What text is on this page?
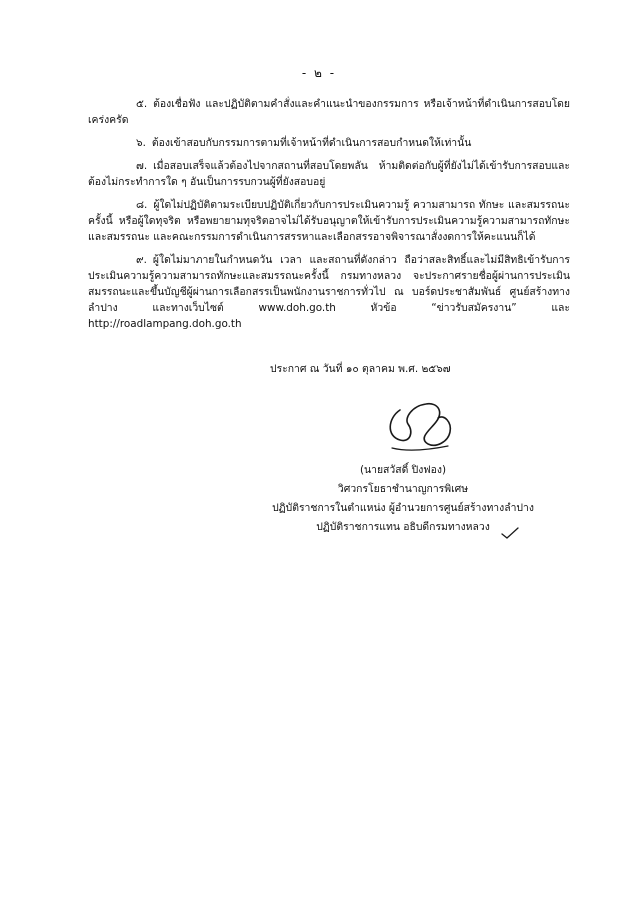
- ๒ -

๕. ต้องเชื่อฟัง และปฏิบัติตามคำสั่งและคำแนะนำของกรรมการ หรือเจ้าหน้าที่ดำเนินการสอบโดยเคร่งครัด

๖. ต้องเข้าสอบกับกรรมการตามที่เจ้าหน้าที่ดำเนินการสอบกำหนดให้เท่านั้น

๗. เมื่อสอบเสร็จแล้วต้องไปจากสถานที่สอบโดยพลัน ห้ามติดต่อกับผู้ที่ยังไม่ได้เข้ารับการสอบและต้องไม่กระทำการใด ๆ อันเป็นการรบกวนผู้ที่ยังสอบอยู่

๘. ผู้ใดไม่ปฏิบัติตามระเบียบปฏิบัติเกี่ยวกับการประเมินความรู้ ความสามารถ ทักษะ และสมรรถนะครั้งนี้ หรือผู้ใดทุจริต หรือพยายามทุจริตอาจไม่ได้รับอนุญาตให้เข้ารับการประเมินความรู้ความสามารถทักษะและสมรรถนะ และคณะกรรมการดำเนินการสรรหาและเลือกสรรอาจพิจารณาสั่งงดการให้คะแนนก็ได้

๙. ผู้ใดไม่มาภายในกำหนดวัน เวลา และสถานที่ดังกล่าว ถือว่าสละสิทธิ์และไม่มีสิทธิเข้ารับการประเมินความรู้ความสามารถทักษะและสมรรถนะครั้งนี้ กรมทางหลวง จะประกาศรายชื่อผู้ผ่านการประเมินสมรรถนะและขึ้นบัญชีผู้ผ่านการเลือกสรรเป็นพนักงานราชการทั่วไป ณ บอร์ดประชาสัมพันธ์ ศูนย์สร้างทางลำปาง และทางเว็บไซต์ www.doh.go.th หัวข้อ “ข่าวรับสมัครงาน” และ http://roadlampang.doh.go.th

ประกาศ ณ วันที่ ๑๐ ตุลาคม พ.ศ. ๒๕๖๗
(นายสวัสดิ์ ปิงฟอง)
วิศวกรโยธาชำนาญการพิเศษ
ปฏิบัติราชการในตำแหน่ง ผู้อำนวยการศูนย์สร้างทางลำปาง
ปฏิบัติราชการแทน อธิบดีกรมทางหลวง
